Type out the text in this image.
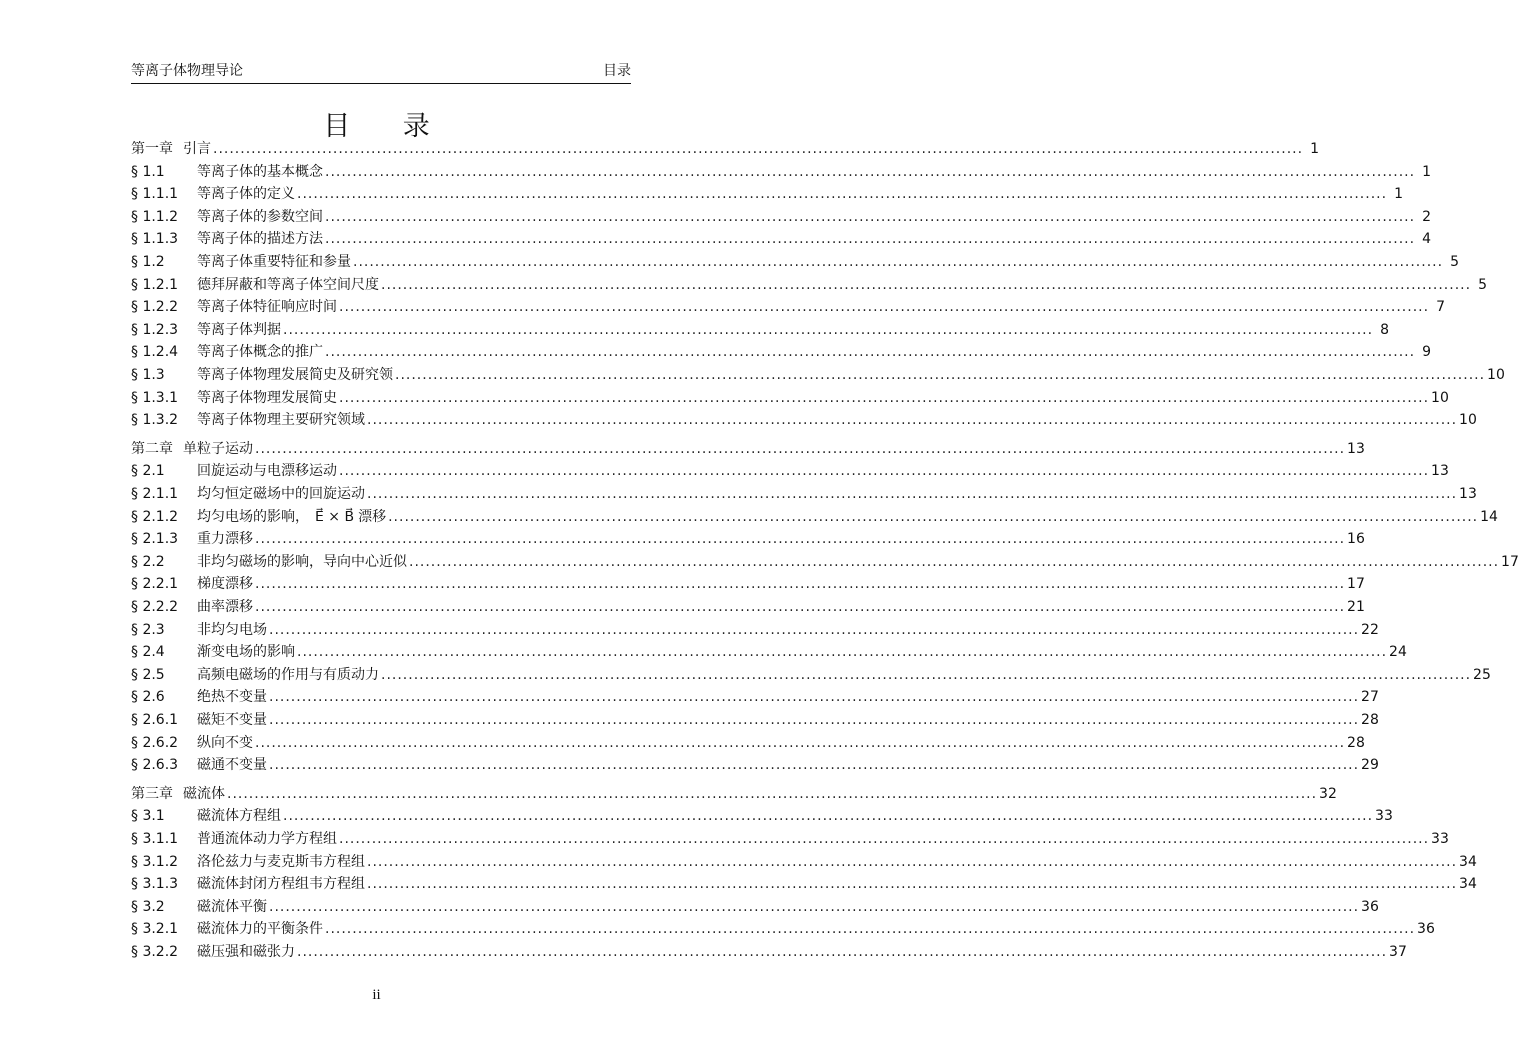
等离子体物理导论	目录
目 录
第一章 引言 ........................................................................................................................................................................................................ 1
§ 1.1 等离子体的基本概念 ........................................................................................................................................................................................................ 1
§ 1.1.1 等离子体的定义 ........................................................................................................................................................................................................ 1
§ 1.1.2 等离子体的参数空间 ........................................................................................................................................................................................................ 2
§ 1.1.3 等离子体的描述方法 ........................................................................................................................................................................................................ 4
§ 1.2 等离子体重要特征和参量 ........................................................................................................................................................................................................ 5
§ 1.2.1 德拜屏蔽和等离子体空间尺度 ........................................................................................................................................................................................................ 5
§ 1.2.2 等离子体特征响应时间 ........................................................................................................................................................................................................ 7
§ 1.2.3 等离子体判据 ........................................................................................................................................................................................................ 8
§ 1.2.4 等离子体概念的推广 ........................................................................................................................................................................................................ 9
§ 1.3 等离子体物理发展简史及研究领 ........................................................................................................................................................................................................ 10
§ 1.3.1 等离子体物理发展简史 ........................................................................................................................................................................................................ 10
§ 1.3.2 等离子体物理主要研究领域 ........................................................................................................................................................................................................ 10
第二章 单粒子运动 ........................................................................................................................................................................................................ 13
§ 2.1 回旋运动与电漂移运动 ........................................................................................................................................................................................................ 13
§ 2.1.1 均匀恒定磁场中的回旋运动 ........................................................................................................................................................................................................ 13
§ 2.1.2 均匀电场的影响， E⃗ × B⃗ 漂移 ........................................................................................................................................................................................................ 14
§ 2.1.3 重力漂移 ........................................................................................................................................................................................................ 16
§ 2.2 非均匀磁场的影响，导向中心近似 ........................................................................................................................................................................................................ 17
§ 2.2.1 梯度漂移 ........................................................................................................................................................................................................ 17
§ 2.2.2 曲率漂移 ........................................................................................................................................................................................................ 21
§ 2.3 非均匀电场 ........................................................................................................................................................................................................ 22
§ 2.4 渐变电场的影响 ........................................................................................................................................................................................................ 24
§ 2.5 高频电磁场的作用与有质动力 ........................................................................................................................................................................................................ 25
§ 2.6 绝热不变量 ........................................................................................................................................................................................................ 27
§ 2.6.1 磁矩不变量 ........................................................................................................................................................................................................ 28
§ 2.6.2 纵向不变 ........................................................................................................................................................................................................ 28
§ 2.6.3 磁通不变量 ........................................................................................................................................................................................................ 29
第三章 磁流体 ........................................................................................................................................................................................................ 32
§ 3.1 磁流体方程组 ........................................................................................................................................................................................................ 33
§ 3.1.1 普通流体动力学方程组 ........................................................................................................................................................................................................ 33
§ 3.1.2 洛伦兹力与麦克斯韦方程组 ........................................................................................................................................................................................................ 34
§ 3.1.3 磁流体封闭方程组韦方程组 ........................................................................................................................................................................................................ 34
§ 3.2 磁流体平衡 ........................................................................................................................................................................................................ 36
§ 3.2.1 磁流体力的平衡条件 ........................................................................................................................................................................................................ 36
§ 3.2.2 磁压强和磁张力 ........................................................................................................................................................................................................ 37
ii
